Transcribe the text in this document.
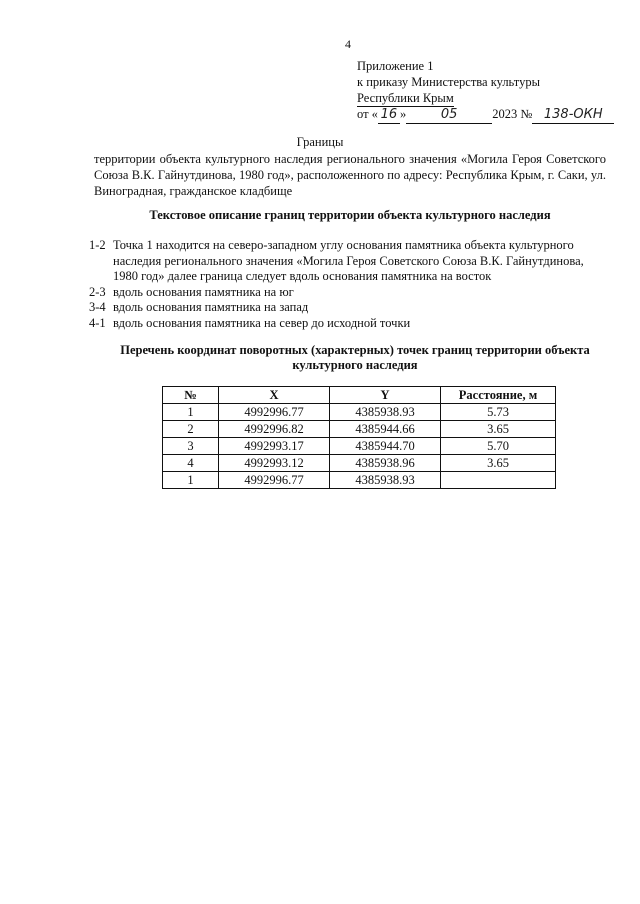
4
Приложение 1
к приказу Министерства культуры
Республики Крым
от « 16 »	05	2023 № 138-ОКН
Границы
территории объекта культурного наследия регионального значения «Могила Героя Советского Союза В.К. Гайнутдинова, 1980 год», расположенного по адресу: Республика Крым, г. Саки, ул. Виноградная, гражданское кладбище
Текстовое описание границ территории объекта культурного наследия
1-2 Точка 1 находится на северо-западном углу основания памятника объекта культурного наследия регионального значения «Могила Героя Советского Союза В.К. Гайнутдинова, 1980 год» далее граница следует вдоль основания памятника на восток
2-3 вдоль основания памятника на юг
3-4 вдоль основания памятника на запад
4-1 вдоль основания памятника на север до исходной точки
Перечень координат поворотных (характерных) точек границ территории объекта культурного наследия
№	X	Y	Расстояние, м
1	4992996.77	4385938.93	5.73
2	4992996.82	4385944.66	3.65
3	4992993.17	4385944.70	5.70
4	4992993.12	4385938.96	3.65
1	4992996.77	4385938.93	
